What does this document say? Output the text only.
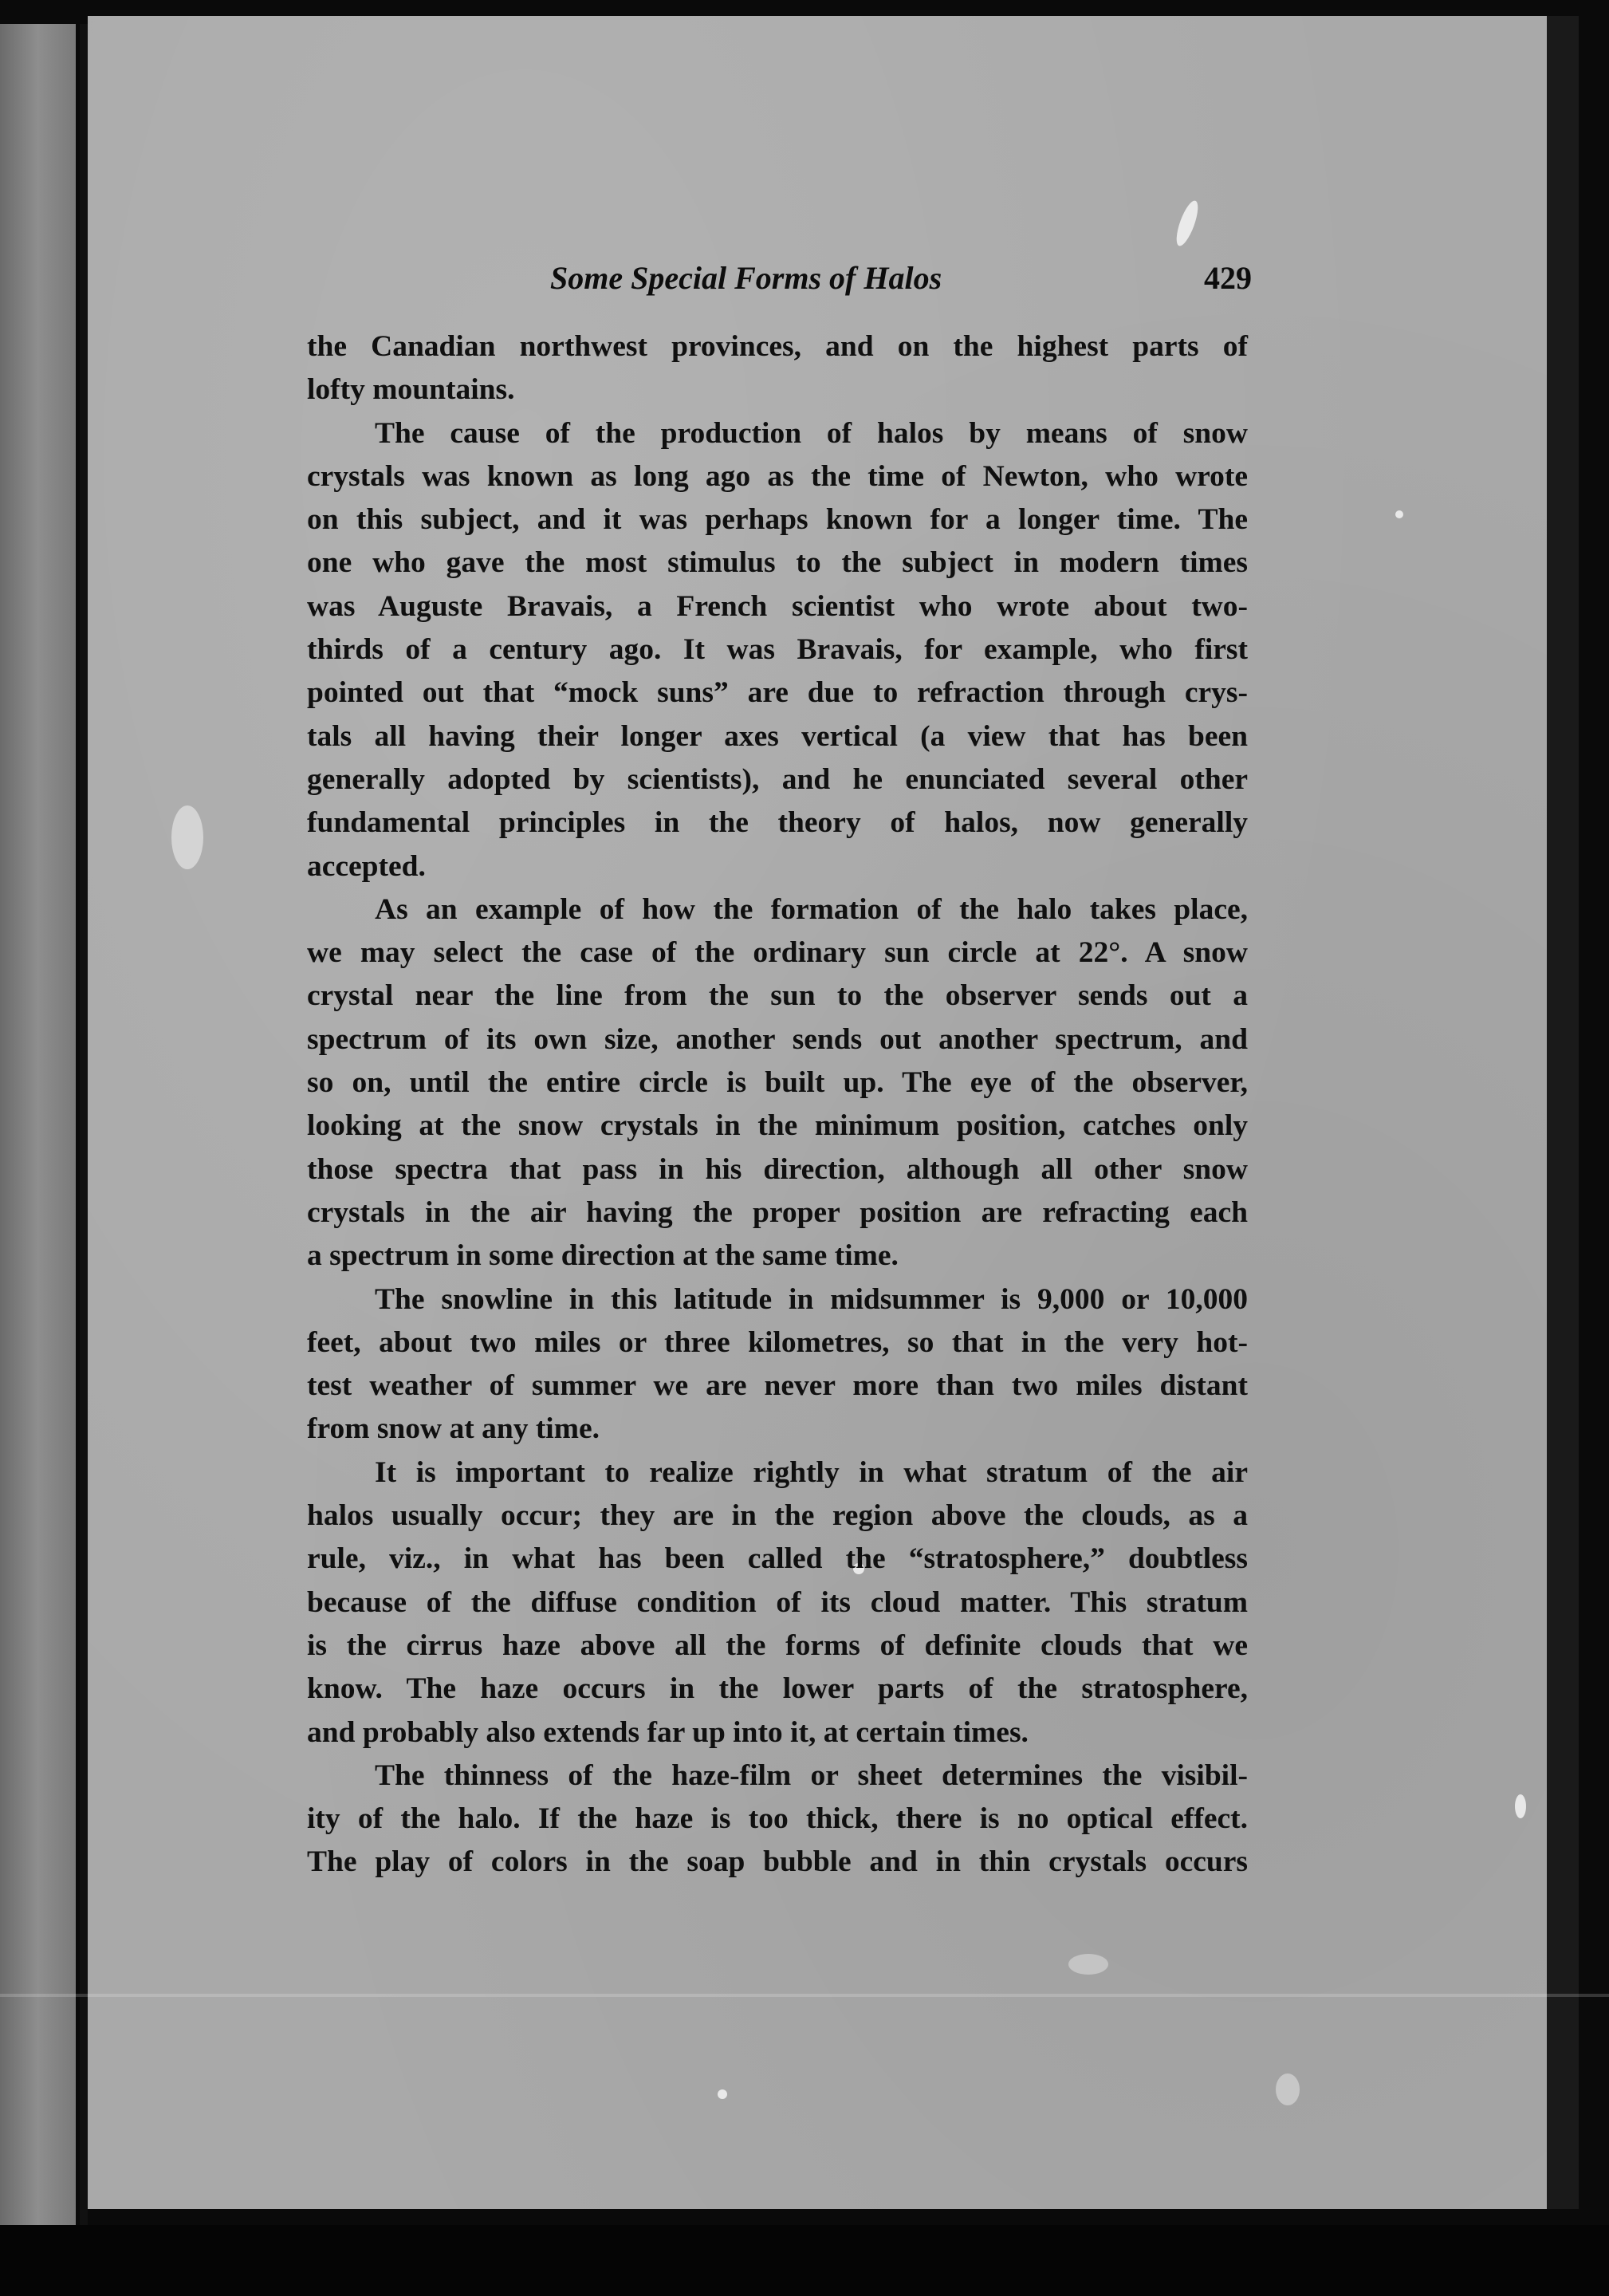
Some Special Forms of Halos	429

the Canadian northwest provinces, and on the highest parts of

lofty mountains.

The cause of the production of halos by means of snow

crystals was known as long ago as the time of Newton, who wrote

on this subject, and it was perhaps known for a longer time. The

one who gave the most stimulus to the subject in modern times

was Auguste Bravais, a French scientist who wrote about two-

thirds of a century ago. It was Bravais, for example, who first

pointed out that “mock suns” are due to refraction through crys-

tals all having their longer axes vertical (a view that has been

generally adopted by scientists), and he enunciated several other

fundamental principles in the theory of halos, now generally

accepted.

As an example of how the formation of the halo takes place,

we may select the case of the ordinary sun circle at 22°. A snow

crystal near the line from the sun to the observer sends out a

spectrum of its own size, another sends out another spectrum, and

so on, until the entire circle is built up. The eye of the observer,

looking at the snow crystals in the minimum position, catches only

those spectra that pass in his direction, although all other snow

crystals in the air having the proper position are refracting each

a spectrum in some direction at the same time.

The snowline in this latitude in midsummer is 9,000 or 10,000

feet, about two miles or three kilometres, so that in the very hot-

test weather of summer we are never more than two miles distant

from snow at any time.

It is important to realize rightly in what stratum of the air

halos usually occur; they are in the region above the clouds, as a

rule, viz., in what has been called the “stratosphere,” doubtless

because of the diffuse condition of its cloud matter. This stratum

is the cirrus haze above all the forms of definite clouds that we

know. The haze occurs in the lower parts of the stratosphere,

and probably also extends far up into it, at certain times.

The thinness of the haze-film or sheet determines the visibil-

ity of the halo. If the haze is too thick, there is no optical effect.

The play of colors in the soap bubble and in thin crystals occurs
